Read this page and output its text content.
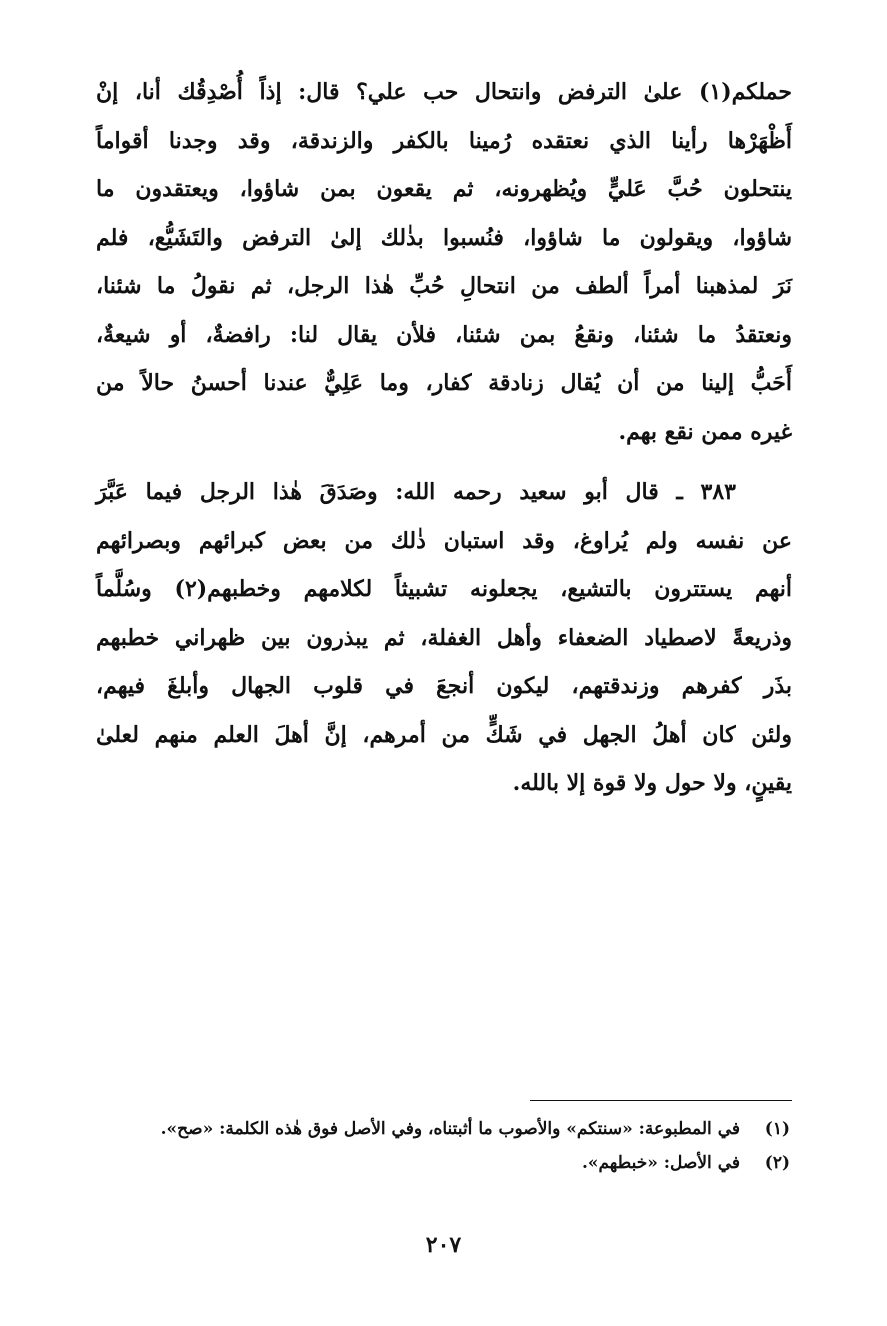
حملكم(١) علىٰ الترفض وانتحال حب علي؟ قال: إذاً أُصْدِقُك أنا، إنْ

أَظْهَرْها رأينا الذي نعتقده رُمينا بالكفر والزندقة، وقد وجدنا أقواماً

ينتحلون حُبَّ عَليٍّ ويُظهرونه، ثم يقعون بمن شاؤوا، ويعتقدون ما

شاؤوا، ويقولون ما شاؤوا، فنُسبوا بذٰلك إلىٰ الترفض والتَشَيُّع، فلم

نَرَ لمذهبنا أمراً ألطف من انتحالِ حُبِّ هٰذا الرجل، ثم نقولُ ما شئنا،

ونعتقدُ ما شئنا، ونقعُ بمن شئنا، فلأن يقال لنا: رافضةٌ، أو شيعةٌ،

أَحَبُّ إلينا من أن يُقال زنادقة كفار، وما عَلِيٌّ عندنا أحسنُ حالاً من

غيره ممن نقع بهم.

٣٨٣ ـ قال أبو سعيد رحمه الله: وصَدَقَ هٰذا الرجل فيما عَبَّرَ

عن نفسه ولم يُراوغ، وقد استبان ذٰلك من بعض كبرائهم وبصرائهم

أنهم يستترون بالتشيع، يجعلونه تشبيثاً لكلامهم وخطبهم(٢) وسُلَّماً

وذريعةً لاصطياد الضعفاء وأهل الغفلة، ثم يبذرون بين ظهراني خطبهم

بذَر كفرهم وزندقتهم، ليكون أنجعَ في قلوب الجهال وأبلغَ فيهم،

ولئن كان أهلُ الجهل في شَكٍّ من أمرهم، إنَّ أهلَ العلم منهم لعلىٰ

يقينٍ، ولا حول ولا قوة إلا بالله.

(١)
في المطبوعة: «سنتكم» والأصوب ما أثبتناه، وفي الأصل فوق هٰذه الكلمة: «صح».
(٢)
في الأصل: «خبطهم».
٢٠٧
